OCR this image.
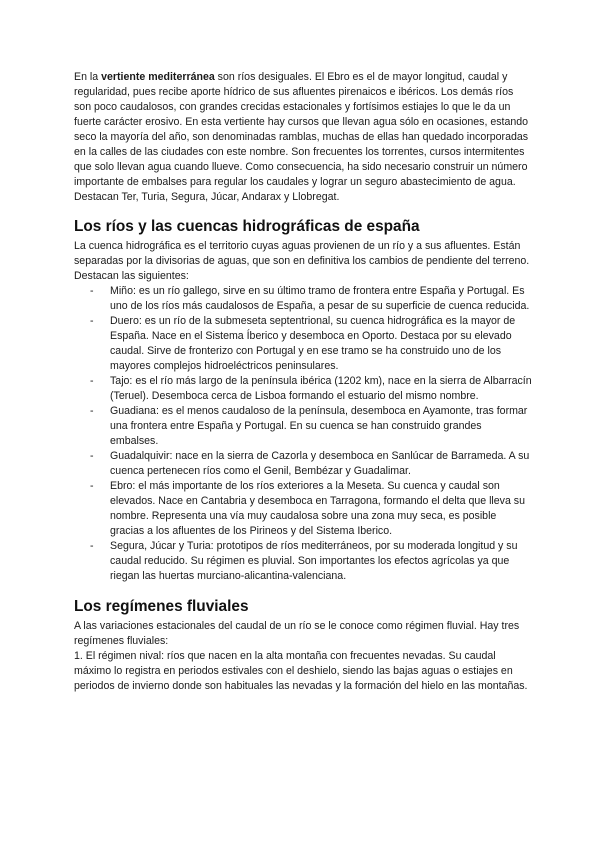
En la vertiente mediterránea son ríos desiguales. El Ebro es el de mayor longitud, caudal y regularidad, pues recibe aporte hídrico de sus afluentes pirenaicos e ibéricos. Los demás ríos son poco caudalosos, con grandes crecidas estacionales y fortísimos estiajes lo que le da un fuerte carácter erosivo. En esta vertiente hay cursos que llevan agua sólo en ocasiones, estando seco la mayoría del año, son denominadas ramblas, muchas de ellas han quedado incorporadas en la calles de las ciudades con este nombre. Son frecuentes los torrentes, cursos intermitentes que solo llevan agua cuando llueve. Como consecuencia, ha sido necesario construir un número importante de embalses para regular los caudales y lograr un seguro abastecimiento de agua. Destacan Ter, Turia, Segura, Júcar, Andarax y Llobregat.

Los ríos y las cuencas hidrográficas de españa

La cuenca hidrográfica es el territorio cuyas aguas provienen de un río y a sus afluentes. Están separadas por la divisorias de aguas, que son en definitiva los cambios de pendiente del terreno. Destacan las siguientes:

- Miño: es un río gallego, sirve en su último tramo de frontera entre España y Portugal. Es uno de los ríos más caudalosos de España, a pesar de su superficie de cuenca reducida.
- Duero: es un río de la submeseta septentrional, su cuenca hidrográfica es la mayor de España. Nace en el Sistema Íberico y desemboca en Oporto. Destaca por su elevado caudal. Sirve de fronterizo con Portugal y en ese tramo se ha construido uno de los mayores complejos hidroeléctricos peninsulares.
- Tajo: es el río más largo de la península ibérica (1202 km), nace en la sierra de Albarracín (Teruel). Desemboca cerca de Lisboa formando el estuario del mismo nombre.
- Guadiana: es el menos caudaloso de la península, desemboca en Ayamonte, tras formar una frontera entre España y Portugal. En su cuenca se han construido grandes embalses.
- Guadalquivir: nace en la sierra de Cazorla y desemboca en Sanlúcar de Barrameda. A su cuenca pertenecen ríos como el Genil, Bembézar y Guadalimar.
- Ebro: el más importante de los ríos exteriores a la Meseta. Su cuenca y caudal son elevados. Nace en Cantabria y desemboca en Tarragona, formando el delta que lleva su nombre. Representa una vía muy caudalosa sobre una zona muy seca, es posible gracias a los afluentes de los Pirineos y del Sistema Iberico.
- Segura, Júcar y Turia: prototipos de ríos mediterráneos, por su moderada longitud y su caudal reducido. Su régimen es pluvial. Son importantes los efectos agrícolas ya que riegan las huertas murciano-alicantina-valenciana.
Los regímenes fluviales

A las variaciones estacionales del caudal de un río se le conoce como régimen fluvial. Hay tres regímenes fluviales:

1. El régimen nival: ríos que nacen en la alta montaña con frecuentes nevadas. Su caudal máximo lo registra en periodos estivales con el deshielo, siendo las bajas aguas o estiajes en periodos de invierno donde son habituales las nevadas y la formación del hielo en las montañas.
